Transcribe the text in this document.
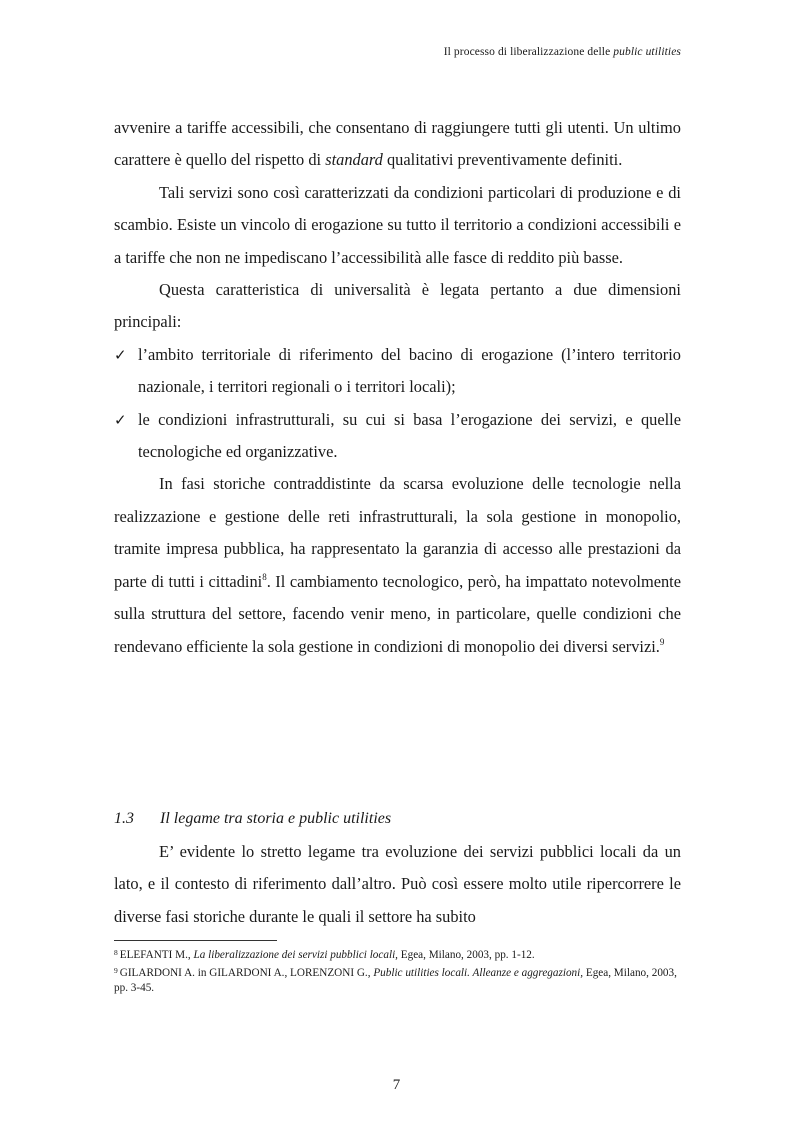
Il processo di liberalizzazione delle public utilities

avvenire a tariffe accessibili, che consentano di raggiungere tutti gli utenti. Un ultimo carattere è quello del rispetto di standard qualitativi preventivamente definiti.

Tali servizi sono così caratterizzati da condizioni particolari di produzione e di scambio. Esiste un vincolo di erogazione su tutto il territorio a condizioni accessibili e a tariffe che non ne impediscano l’accessibilità alle fasce di reddito più basse.

Questa caratteristica di universalità è legata pertanto a due dimensioni principali:

✓ l’ambito territoriale di riferimento del bacino di erogazione (l’intero territorio nazionale, i territori regionali o i territori locali);
✓ le condizioni infrastrutturali, su cui si basa l’erogazione dei servizi, e quelle tecnologiche ed organizzative.

In fasi storiche contraddistinte da scarsa evoluzione delle tecnologie nella realizzazione e gestione delle reti infrastrutturali, la sola gestione in monopolio, tramite impresa pubblica, ha rappresentato la garanzia di accesso alle prestazioni da parte di tutti i cittadini$^8$. Il cambiamento tecnologico, però, ha impattato notevolmente sulla struttura del settore, facendo venir meno, in particolare, quelle condizioni che rendevano efficiente la sola gestione in condizioni di monopolio dei diversi servizi.$^9$

1.3 Il legame tra storia e public utilities

E’ evidente lo stretto legame tra evoluzione dei servizi pubblici locali da un lato, e il contesto di riferimento dall’altro. Può così essere molto utile ripercorrere le diverse fasi storiche durante le quali il settore ha subito

$^8$ ELEFANTI M., La liberalizzazione dei servizi pubblici locali, Egea, Milano, 2003, pp. 1-12.

$^9$ GILARDONI A. in GILARDONI A., LORENZONI G., Public utilities locali. Alleanze e aggregazioni, Egea, Milano, 2003, pp. 3-45.

7
